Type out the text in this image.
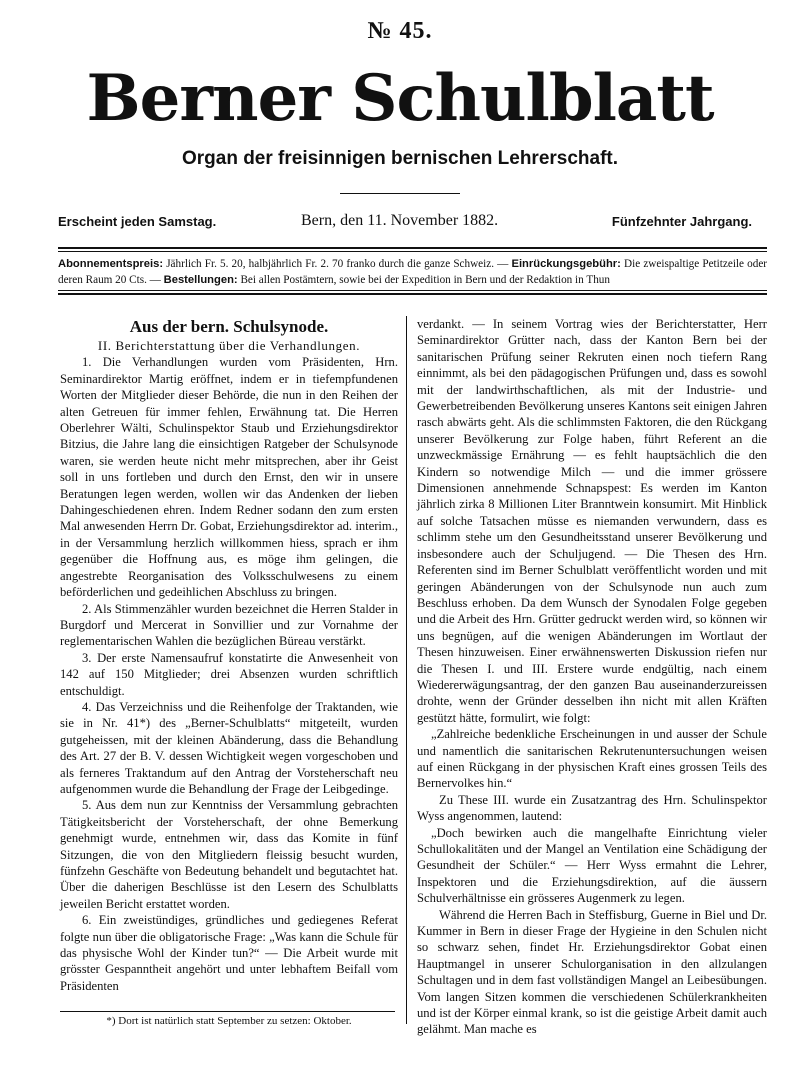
№ 45.
Berner Schulblatt
Organ der freisinnigen bernischen Lehrerschaft.
Erscheint jeden Samstag.	Bern, den 11. November 1882.	Fünfzehnter Jahrgang.
Abonnementspreis: Jährlich Fr. 5. 20, halbjährlich Fr. 2. 70 franko durch die ganze Schweiz. — Einrückungsgebühr: Die zweispaltige Petitzeile oder deren Raum 20 Cts. — Bestellungen: Bei allen Postämtern, sowie bei der Expedition in Bern und der Redaktion in Thun

Aus der bern. Schulsynode.

II. Berichterstattung über die Verhandlungen.

1. Die Verhandlungen wurden vom Präsidenten, Hrn. Seminardirektor Martig eröffnet, indem er in tiefempfundenen Worten der Mitglieder dieser Behörde, die nun in den Reihen der alten Getreuen für immer fehlen, Erwähnung tat. Die Herren Oberlehrer Wälti, Schulinspektor Staub und Erziehungsdirektor Bitzius, die Jahre lang die einsichtigen Ratgeber der Schulsynode waren, sie werden heute nicht mehr mitsprechen, aber ihr Geist soll in uns fortleben und durch den Ernst, den wir in unsere Beratungen legen werden, wollen wir das Andenken der lieben Dahingeschiedenen ehren. Indem Redner sodann den zum ersten Mal anwesenden Herrn Dr. Gobat, Erziehungsdirektor ad. interim., in der Versammlung herzlich willkommen hiess, sprach er ihm gegenüber die Hoffnung aus, es möge ihm gelingen, die angestrebte Reorganisation des Volksschulwesens zu einem beförderlichen und gedeihlichen Abschluss zu bringen.

2. Als Stimmenzähler wurden bezeichnet die Herren Stalder in Burgdorf und Mercerat in Sonvillier und zur Vornahme der reglementarischen Wahlen die bezüglichen Büreau verstärkt.

3. Der erste Namensaufruf konstatirte die Anwesenheit von 142 auf 150 Mitglieder; drei Absenzen wurden schriftlich entschuldigt.

4. Das Verzeichniss und die Reihenfolge der Traktanden, wie sie in Nr. 41*) des „Berner-Schulblatts“ mitgeteilt, wurden gutgeheissen, mit der kleinen Abänderung, dass die Behandlung des Art. 27 der B. V. dessen Wichtigkeit wegen vorgeschoben und als ferneres Traktandum auf den Antrag der Vorsteherschaft neu aufgenommen wurde die Behandlung der Frage der Leibgedinge.

5. Aus dem nun zur Kenntniss der Versammlung gebrachten Tätigkeitsbericht der Vorsteherschaft, der ohne Bemerkung genehmigt wurde, entnehmen wir, dass das Komite in fünf Sitzungen, die von den Mitgliedern fleissig besucht wurden, fünfzehn Geschäfte von Bedeutung behandelt und begutachtet hat. Über die daherigen Beschlüsse ist den Lesern des Schulblatts jeweilen Bericht erstattet worden.

6. Ein zweistündiges, gründliches und gediegenes Referat folgte nun über die obligatorische Frage: „Was kann die Schule für das physische Wohl der Kinder tun?“ — Die Arbeit wurde mit grösster Gespanntheit angehört und unter lebhaftem Beifall vom Präsidenten

verdankt. — In seinem Vortrag wies der Berichterstatter, Herr Seminardirektor Grütter nach, dass der Kanton Bern bei der sanitarischen Prüfung seiner Rekruten einen noch tiefern Rang einnimmt, als bei den pädagogischen Prüfungen und, dass es sowohl mit der landwirthschaftlichen, als mit der Industrie- und Gewerbetreibenden Bevölkerung unseres Kantons seit einigen Jahren rasch abwärts geht. Als die schlimmsten Faktoren, die den Rückgang unserer Bevölkerung zur Folge haben, führt Referent an die unzweckmässige Ernährung — es fehlt hauptsächlich die den Kindern so notwendige Milch — und die immer grössere Dimensionen annehmende Schnapspest: Es werden im Kanton jährlich zirka 8 Millionen Liter Branntwein konsumirt. Mit Hinblick auf solche Tatsachen müsse es niemanden verwundern, dass es schlimm stehe um den Gesundheitsstand unserer Bevölkerung und insbesondere auch der Schuljugend. — Die Thesen des Hrn. Referenten sind im Berner Schulblatt veröffentlicht worden und mit geringen Abänderungen von der Schulsynode nun auch zum Beschluss erhoben. Da dem Wunsch der Synodalen Folge gegeben und die Arbeit des Hrn. Grütter gedruckt werden wird, so können wir uns begnügen, auf die wenigen Abänderungen im Wortlaut der Thesen hinzuweisen. Einer erwähnenswerten Diskussion riefen nur die Thesen I. und III. Erstere wurde endgültig, nach einem Wiedererwägungsantrag, der den ganzen Bau auseinanderzureissen drohte, wenn der Gründer desselben ihn nicht mit allen Kräften gestützt hätte, formulirt, wie folgt:

„Zahlreiche bedenkliche Erscheinungen in und ausser der Schule und namentlich die sanitarischen Rekrutenuntersuchungen weisen auf einen Rückgang in der physischen Kraft eines grossen Teils des Bernervolkes hin.“

Zu These III. wurde ein Zusatzantrag des Hrn. Schulinspektor Wyss angenommen, lautend:

„Doch bewirken auch die mangelhafte Einrichtung vieler Schullokalitäten und der Mangel an Ventilation eine Schädigung der Gesundheit der Schüler.“ — Herr Wyss ermahnt die Lehrer, Inspektoren und die Erziehungsdirektion, auf die äussern Schulverhältnisse ein grösseres Augenmerk zu legen.

Während die Herren Bach in Steffisburg, Guerne in Biel und Dr. Kummer in Bern in dieser Frage der Hygieine in den Schulen nicht so schwarz sehen, findet Hr. Erziehungsdirektor Gobat einen Hauptmangel in unserer Schulorganisation in den allzulangen Schultagen und in dem fast vollständigen Mangel an Leibesübungen. Vom langen Sitzen kommen die verschiedenen Schülerkrankheiten und ist der Körper einmal krank, so ist die geistige Arbeit damit auch gelähmt. Man mache es

*) Dort ist natürlich statt September zu setzen: Oktober.
